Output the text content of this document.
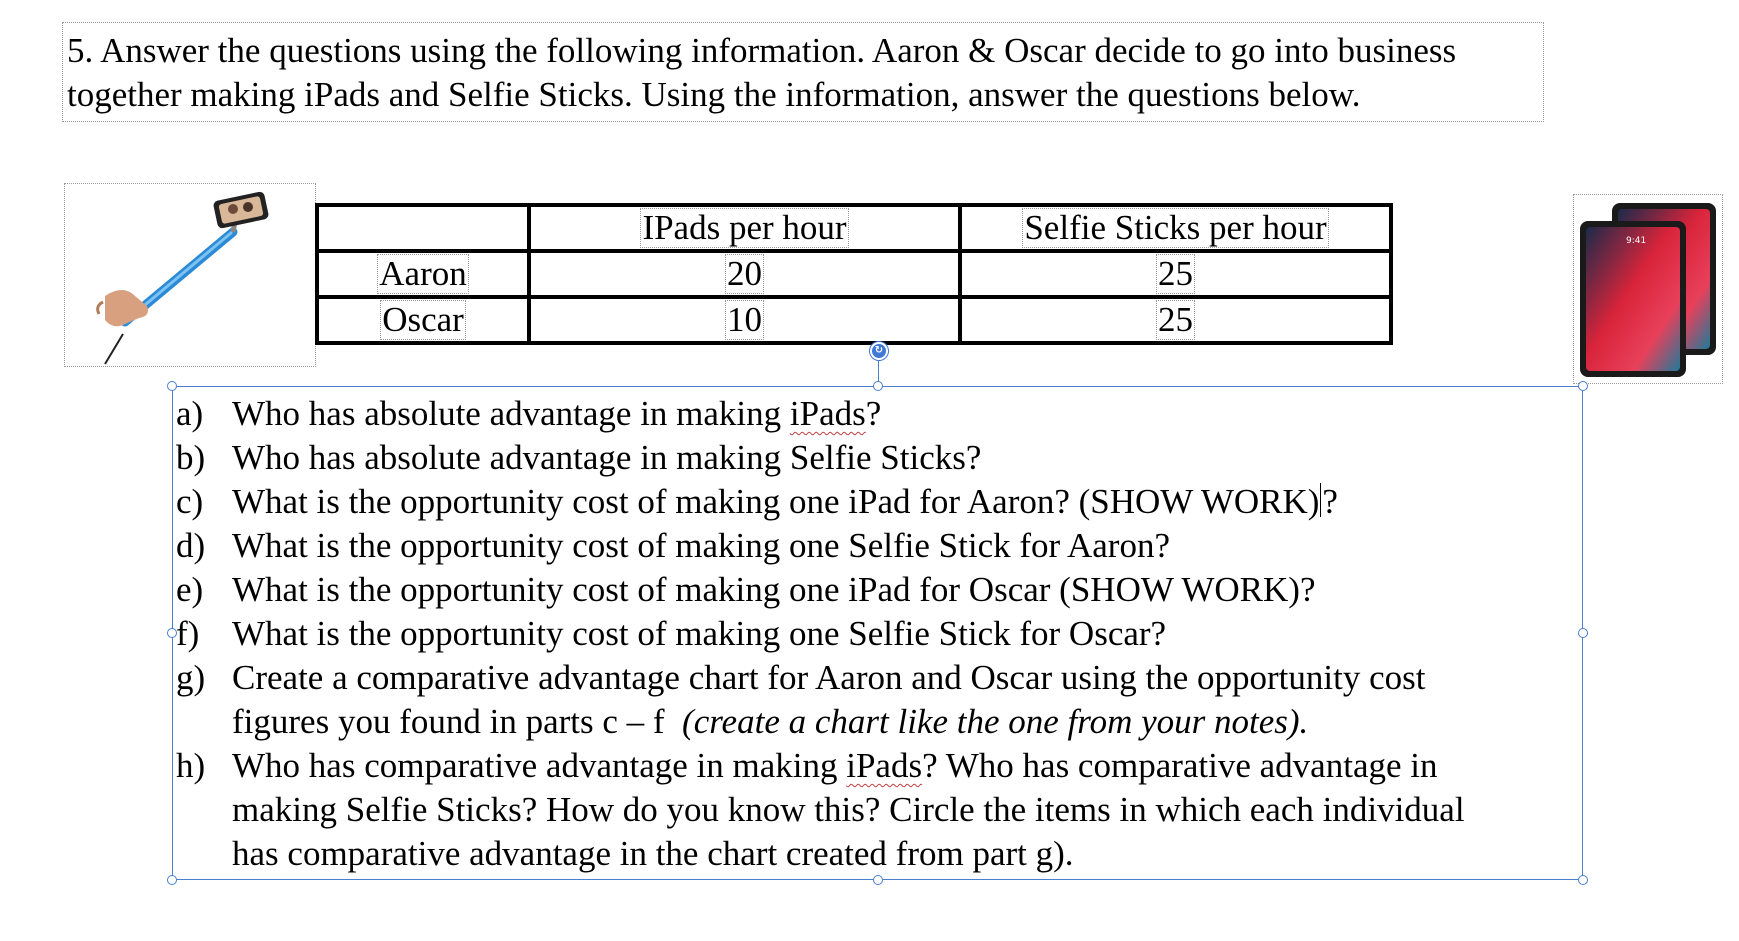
5. Answer the questions using the following information. Aaron & Oscar decide to go into business
together making iPads and Selfie Sticks. Using the information, answer the questions below.
	IPads per hour	Selfie Sticks per hour
Aaron	20	25
Oscar	10	25
9:41
↻
a) Who has absolute advantage in making iPads?
b) Who has absolute advantage in making Selfie Sticks?
c) What is the opportunity cost of making one iPad for Aaron? (SHOW WORK)?
d) What is the opportunity cost of making one Selfie Stick for Aaron?
e) What is the opportunity cost of making one iPad for Oscar (SHOW WORK)?
f) What is the opportunity cost of making one Selfie Stick for Oscar?
g) Create a comparative advantage chart for Aaron and Oscar using the opportunity cost
figures you found in parts c – f  (create a chart like the one from your notes).
h) Who has comparative advantage in making iPads? Who has comparative advantage in
making Selfie Sticks? How do you know this? Circle the items in which each individual
has comparative advantage in the chart created from part g).
